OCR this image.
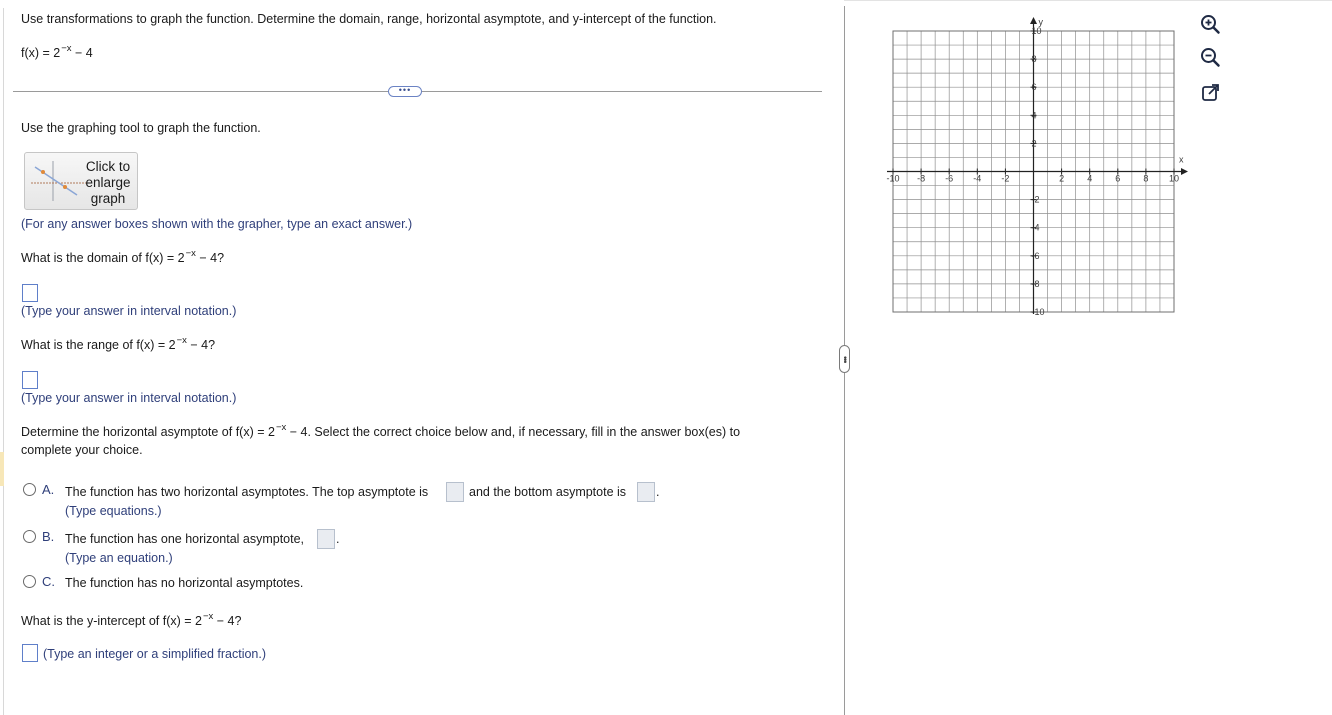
Use transformations to graph the function. Determine the domain, range, horizontal asymptote, and y-intercept of the function.
$f(x) = 2^{-x} - 4$
•••
Use the graphing tool to graph the function.
Click to
enlarge
graph
(For any answer boxes shown with the grapher, type an exact answer.)
What is the domain of $f(x) = 2^{-x} - 4$?
(Type your answer in interval notation.)
What is the range of $f(x) = 2^{-x} - 4$?
(Type your answer in interval notation.)
Determine the horizontal asymptote of $f(x) = 2^{-x} - 4$. Select the correct choice below and, if necessary, fill in the answer box(es) to
complete your choice.
A. The function has two horizontal asymptotes. The top asymptote is	and the bottom asymptote is .
(Type equations.)
B. The function has one horizontal asymptote,	.
(Type an equation.)
C. The function has no horizontal asymptotes.
What is the y-intercept of $f(x) = 2^{-x} - 4$?
(Type an integer or a simplified fraction.)
•••
x
y
-10 -8 -6 -4 -2	2	4	6	8 10
10
8
6
4
2
-2
-4
-6
-8
-10
